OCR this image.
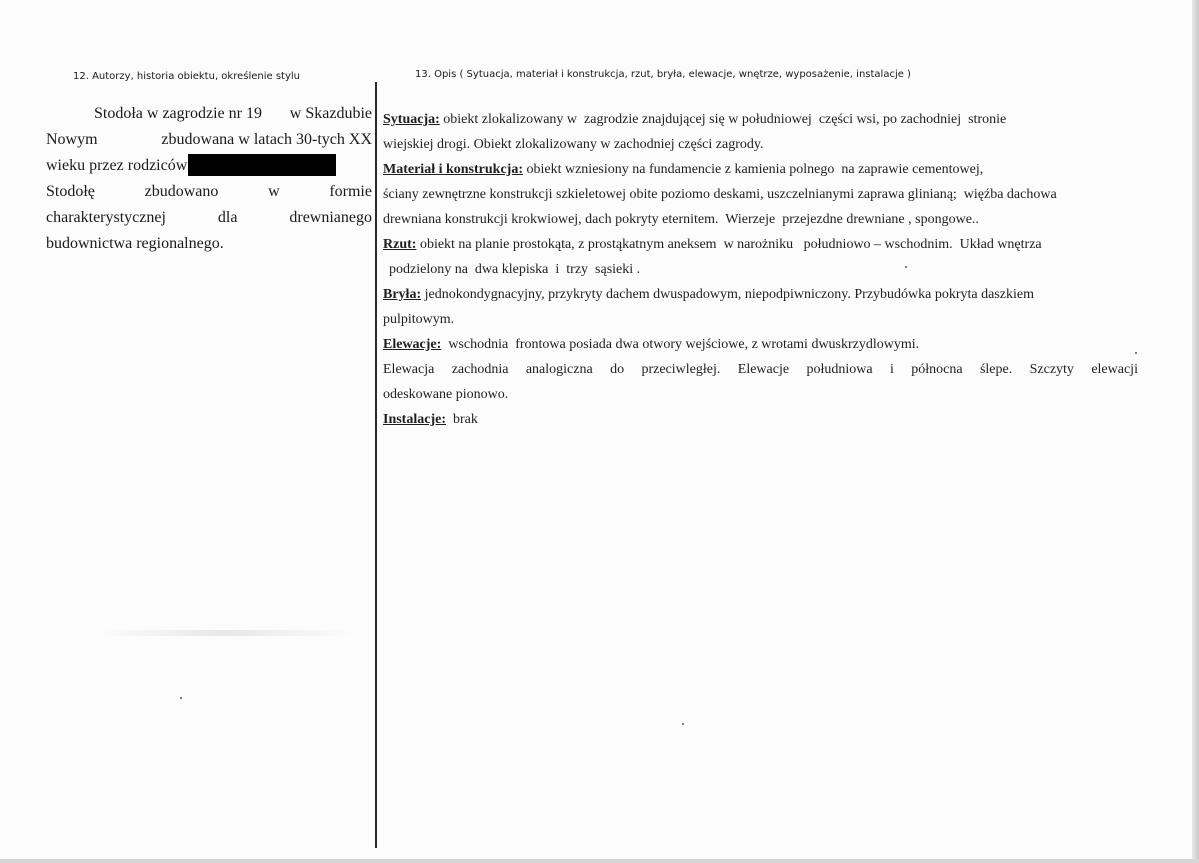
12. Autorzy, historia obiektu, określenie stylu	13. Opis ( Sytuacja, materiał i konstrukcja, rzut, bryła, elewacje, wnętrze, wyposażenie, instalacje )
Stodoła w zagrodzie nr 19 w Skazdubie
Nowym	zbudowana w latach 30-tych XX
wieku przez rodziców
Stodołę	zbudowano	w	formie
charakterystycznej	dla	drewnianego
budownictwa regionalnego.
Sytuacja: obiekt zlokalizowany w  zagrodzie znajdującej się w południowej  części wsi, po zachodniej  stronie
wiejskiej drogi. Obiekt zlokalizowany w zachodniej części zagrody.
Materiał i konstrukcja: obiekt wzniesiony na fundamencie z kamienia polnego  na zaprawie cementowej,
ściany zewnętrzne konstrukcji szkieletowej obite poziomo deskami, uszczelnianymi zaprawa glinianą;  więźba dachowa
drewniana konstrukcji krokwiowej, dach pokryty eternitem.  Wierzeje  przejezdne drewniane , spongowe..
Rzut: obiekt na planie prostokąta, z prostąkatnym aneksem  w narożniku   południowo – wschodnim.  Układ wnętrza
podzielony na  dwa klepiska  i  trzy  sąsieki .
Bryła: jednokondygnacyjny, przykryty dachem dwuspadowym, niepodpiwniczony. Przybudówka pokryta daszkiem
pulpitowym.
Elewacje:  wschodnia  frontowa posiada dwa otwory wejściowe, z wrotami dwuskrzydlowymi.
Elewacja zachodnia analogiczna do przeciwległej. Elewacje południowa i północna ślepe. Szczyty elewacji
odeskowane pionowo.
Instalacje:  brak
